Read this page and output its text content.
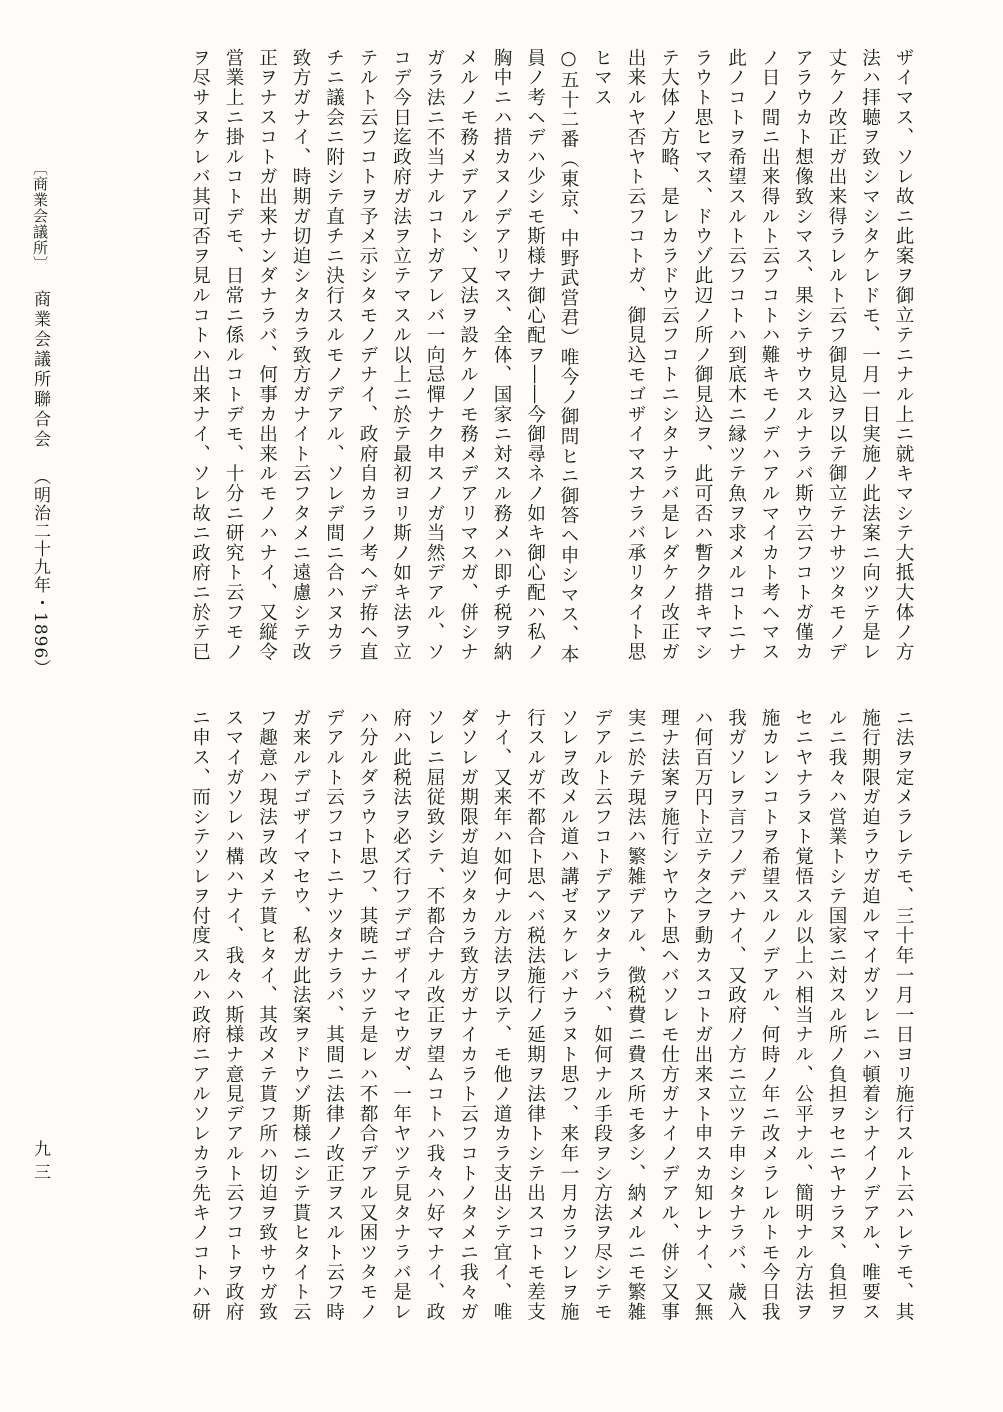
ザイマス、ソレ故ニ此案ヲ御立テニナル上ニ就キマシテ大抵大体ノ方

法ハ拝聴ヲ致シマシタケレドモ、一月一日実施ノ此法案ニ向ツテ是レ

丈ケノ改正ガ出来得ラレルト云フ御見込ヲ以テ御立テナサツタモノデ

アラウカト想像致シマス、果シテサウスルナラバ斯ウ云フコトガ僅カ

ノ日ノ間ニ出来得ルト云フコトハ難キモノデハアルマイカト考ヘマス

此ノコトヲ希望スルト云フコトハ到底木ニ縁ツテ魚ヲ求メルコトニナ

ラウト思ヒマス、ドウゾ此辺ノ所ノ御見込ヲ、此可否ハ暫ク措キマシ

テ大体ノ方略、是レカラドウ云フコトニシタナラバ是レダケノ改正ガ

出来ルヤ否ヤト云フコトガ、御見込モゴザイマスナラバ承リタイト思

ヒマス

○五十二番（東京、中野武営君）唯今ノ御問ヒニ御答ヘ申シマス、本

員ノ考ヘデハ少シモ斯様ナ御心配ヲ――今御尋ネノ如キ御心配ハ私ノ

胸中ニハ措カヌノデアリマス、全体、国家ニ対スル務メハ即チ税ヲ納

メルノモ務メデアルシ、又法ヲ設ケルノモ務メデアリマスガ、併シナ

ガラ法ニ不当ナルコトガアレバ一向忌憚ナク申スノガ当然デアル、ソ

コデ今日迄政府ガ法ヲ立テマスル以上ニ於テ最初ヨリ斯ノ如キ法ヲ立

テルト云フコトヲ予メ示シタモノデナイ、政府自カラノ考ヘデ拵ヘ直

チニ議会ニ附シテ直チニ決行スルモノデアル、ソレデ間ニ合ハヌカラ

致方ガナイ、時期ガ切迫シタカラ致方ガナイト云フタメニ遠慮シテ改

正ヲナスコトガ出来ナンダナラバ、何事カ出来ルモノハナイ、又縦令

営業上ニ掛ルコトデモ、日常ニ係ルコトデモ、十分ニ研究ト云フモノ

ヲ尽サヌケレバ其可否ヲ見ルコトハ出来ナイ、ソレ故ニ政府ニ於テ已

ニ法ヲ定メラレテモ、三十年一月一日ヨリ施行スルト云ハレテモ、其

施行期限ガ迫ラウガ迫ルマイガソレニハ頓着シナイノデアル、唯要ス

ルニ我々ハ営業トシテ国家ニ対スル所ノ負担ヲセニヤナラヌ、負担ヲ

セニヤナラヌト覚悟スル以上ハ相当ナル、公平ナル、簡明ナル方法ヲ

施カレンコトヲ希望スルノデアル、何時ノ年ニ改メラレルトモ今日我

我ガソレヲ言フノデハナイ、又政府ノ方ニ立ツテ申シタナラバ、歳入

ハ何百万円ト立テタ之ヲ動カスコトガ出来ヌト申スカ知レナイ、又無

理ナ法案ヲ施行シヤウト思ヘバソレモ仕方ガナイノデアル、併シ又事

実ニ於テ現法ハ繁雑デアル、徴税費ニ費ス所モ多シ、納メルニモ繁雑

デアルト云フコトデアツタナラバ、如何ナル手段ヲシ方法ヲ尽シテモ

ソレヲ改メル道ハ講ゼヌケレバナラヌト思フ、来年一月カラソレヲ施

行スルガ不都合ト思ヘバ税法施行ノ延期ヲ法律トシテ出スコトモ差支

ナイ、又来年ハ如何ナル方法ヲ以テ、モ他ノ道カラ支出シテ宜イ、唯

ダソレガ期限ガ迫ツタカラ致方ガナイカラト云フコトノタメニ我々ガ

ソレニ屈従致シテ、不都合ナル改正ヲ望ムコトハ我々ハ好マナイ、政

府ハ此税法ヲ必ズ行フデゴザイマセウガ、一年ヤツテ見タナラバ是レ

ハ分ルダラウト思フ、其暁ニナツテ是レハ不都合デアル又困ツタモノ

デアルト云フコトニナツタナラバ、其間ニ法律ノ改正ヲスルト云フ時

ガ来ルデゴザイマセウ、私ガ此法案ヲドウゾ斯様ニシテ貰ヒタイト云

フ趣意ハ現法ヲ改メテ貰ヒタイ、其改メテ貰フ所ハ切迫ヲ致サウガ致

スマイガソレハ構ハナイ、我々ハ斯様ナ意見デアルト云フコトヲ政府

ニ申ス、而シテソレヲ付度スルハ政府ニアルソレカラ先キノコトハ研

〔商業会議所〕商業会議所聯合会（明治二十九年・1896）
九三
